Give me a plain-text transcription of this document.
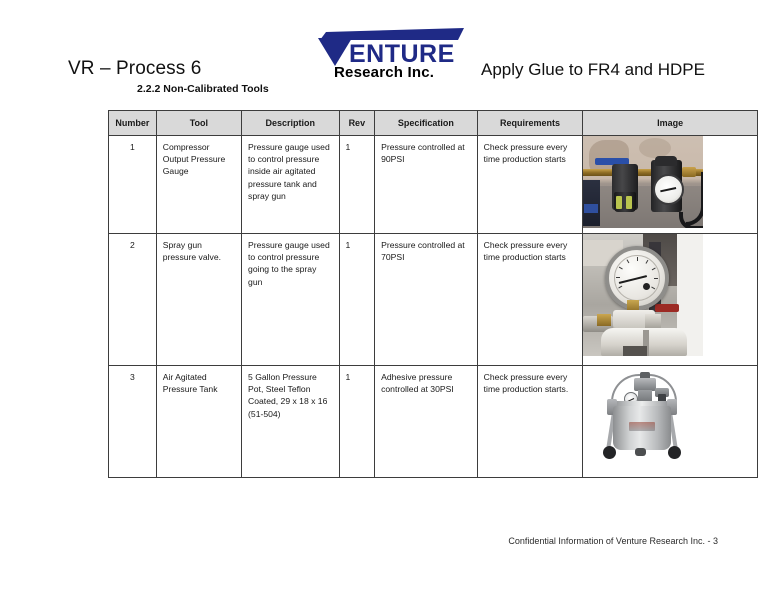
VR – Process 6
2.2.2 Non-Calibrated Tools
Apply Glue to FR4 and HDPE
ENTURE
Research Inc.
Number	Tool	Description	Rev	Specification	Requirements	Image
1	Compressor Output Pressure Gauge	Pressure gauge used to control pressure inside air agitated pressure tank and spray gun	1	Pressure controlled at 90PSI	Check pressure every time production starts	

2	Spray gun pressure valve.	Pressure gauge used to control pressure going to the spray gun	1	Pressure controlled at 70PSI	Check pressure every time production starts	

3	Air Agitated Pressure Tank	5 Gallon Pressure Pot, Steel Teflon Coated, 29 x 18 x 16 (51-504)	1	Adhesive pressure controlled at 30PSI	Check pressure every time production starts.	
Confidential Information of Venture Research Inc. - 3
